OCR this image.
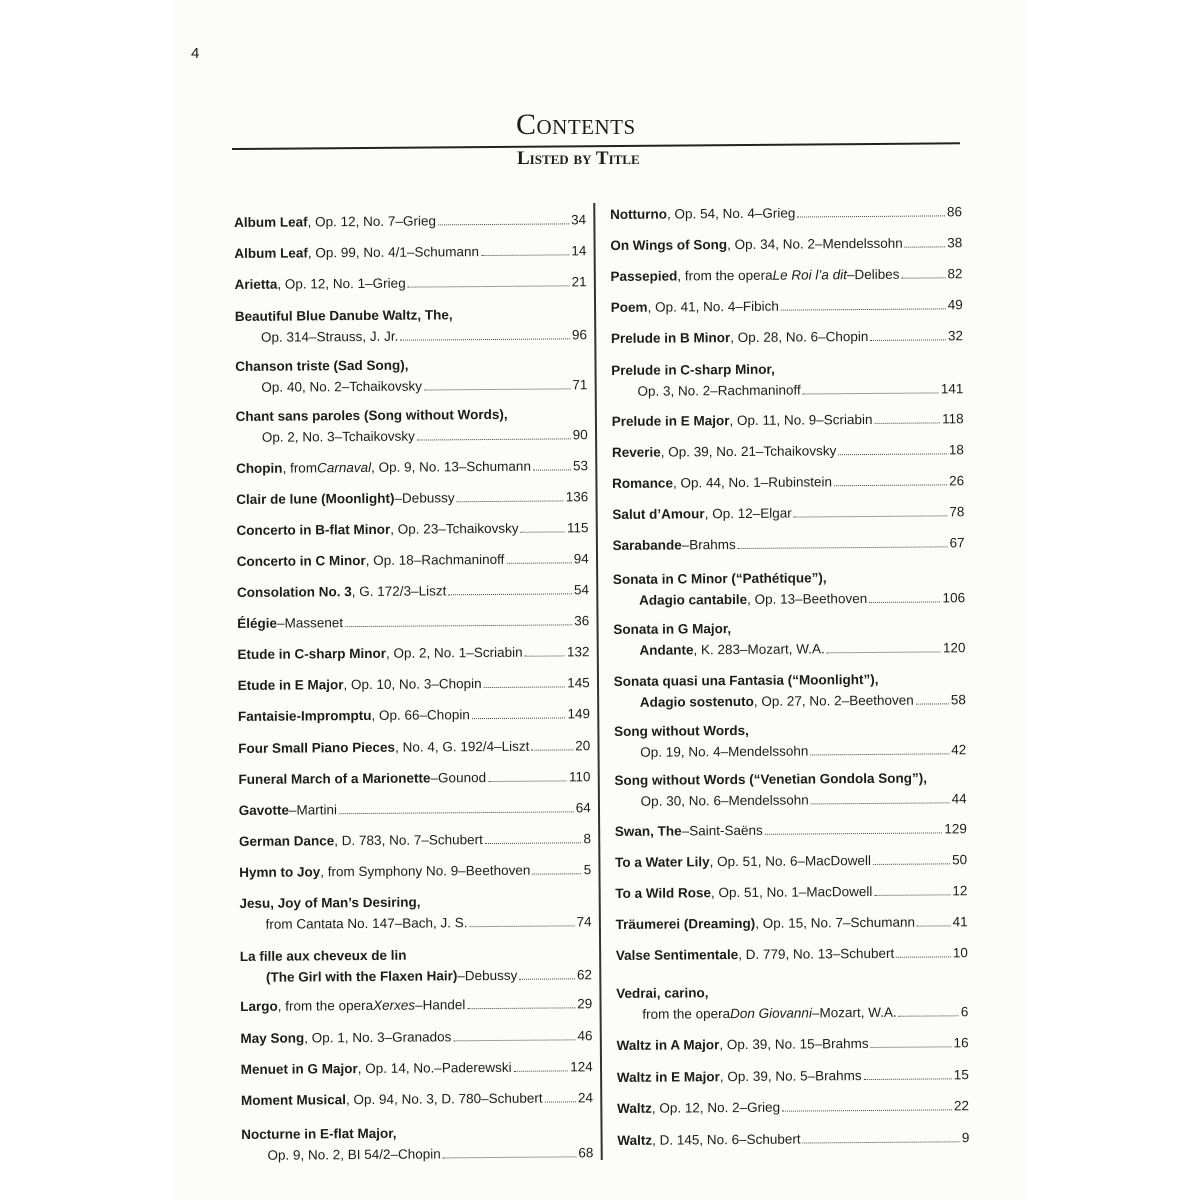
4
Contents
Listed by Title
Album Leaf , Op. 12, No. 7–Grieg	34
Album Leaf , Op. 99, No. 4/1–Schumann	14
Arietta , Op. 12, No. 1–Grieg	21
Beautiful Blue Danube Waltz, The,
Op. 314–Strauss, J. Jr.	96
Chanson triste (Sad Song),
Op. 40, No. 2–Tchaikovsky	71
Chant sans paroles (Song without Words),
Op. 2, No. 3–Tchaikovsky	90
Chopin , from Carnaval , Op. 9, No. 13–Schumann	53
Clair de lune (Moonlight) –Debussy	136
Concerto in B-flat Minor , Op. 23–Tchaikovsky	115
Concerto in C Minor , Op. 18–Rachmaninoff	94
Consolation No. 3 , G. 172/3–Liszt	54
Élégie –Massenet	36
Etude in C-sharp Minor , Op. 2, No. 1–Scriabin	132
Etude in E Major , Op. 10, No. 3–Chopin	145
Fantaisie-Impromptu , Op. 66–Chopin	149
Four Small Piano Pieces , No. 4, G. 192/4–Liszt	20
Funeral March of a Marionette –Gounod	110
Gavotte –Martini	64
German Dance , D. 783, No. 7–Schubert	8
Hymn to Joy , from Symphony No. 9–Beethoven	5
Jesu, Joy of Man’s Desiring,
from Cantata No. 147–Bach, J. S.	74
La fille aux cheveux de lin
(The Girl with the Flaxen Hair) –Debussy	62
Largo , from the opera Xerxes –Handel	29
May Song , Op. 1, No. 3–Granados	46
Menuet in G Major , Op. 14, No.–Paderewski	124
Moment Musical , Op. 94, No. 3, D. 780–Schubert	24
Nocturne in E-flat Major,
Op. 9, No. 2, BI 54/2–Chopin	68
Notturno , Op. 54, No. 4–Grieg	86
On Wings of Song , Op. 34, No. 2–Mendelssohn	38
Passepied , from the opera Le Roi l’a dit –Delibes	82
Poem , Op. 41, No. 4–Fibich	49
Prelude in B Minor , Op. 28, No. 6–Chopin	32
Prelude in C-sharp Minor,
Op. 3, No. 2–Rachmaninoff	141
Prelude in E Major , Op. 11, No. 9–Scriabin	118
Reverie , Op. 39, No. 21–Tchaikovsky	18
Romance , Op. 44, No. 1–Rubinstein	26
Salut d’Amour , Op. 12–Elgar	78
Sarabande –Brahms	67
Sonata in C Minor (“Pathétique”),
Adagio cantabile , Op. 13–Beethoven	106
Sonata in G Major,
Andante , K. 283–Mozart, W.A.	120
Sonata quasi una Fantasia (“Moonlight”),
Adagio sostenuto , Op. 27, No. 2–Beethoven	58
Song without Words,
Op. 19, No. 4–Mendelssohn	42
Song without Words (“Venetian Gondola Song”),
Op. 30, No. 6–Mendelssohn	44
Swan, The –Saint-Saëns	129
To a Water Lily , Op. 51, No. 6–MacDowell	50
To a Wild Rose , Op. 51, No. 1–MacDowell	12
Träumerei (Dreaming) , Op. 15, No. 7–Schumann	41
Valse Sentimentale , D. 779, No. 13–Schubert	10
Vedrai, carino,
from the opera Don Giovanni –Mozart, W.A.	6
Waltz in A Major , Op. 39, No. 15–Brahms	16
Waltz in E Major , Op. 39, No. 5–Brahms	15
Waltz , Op. 12, No. 2–Grieg	22
Waltz , D. 145, No. 6–Schubert	9
